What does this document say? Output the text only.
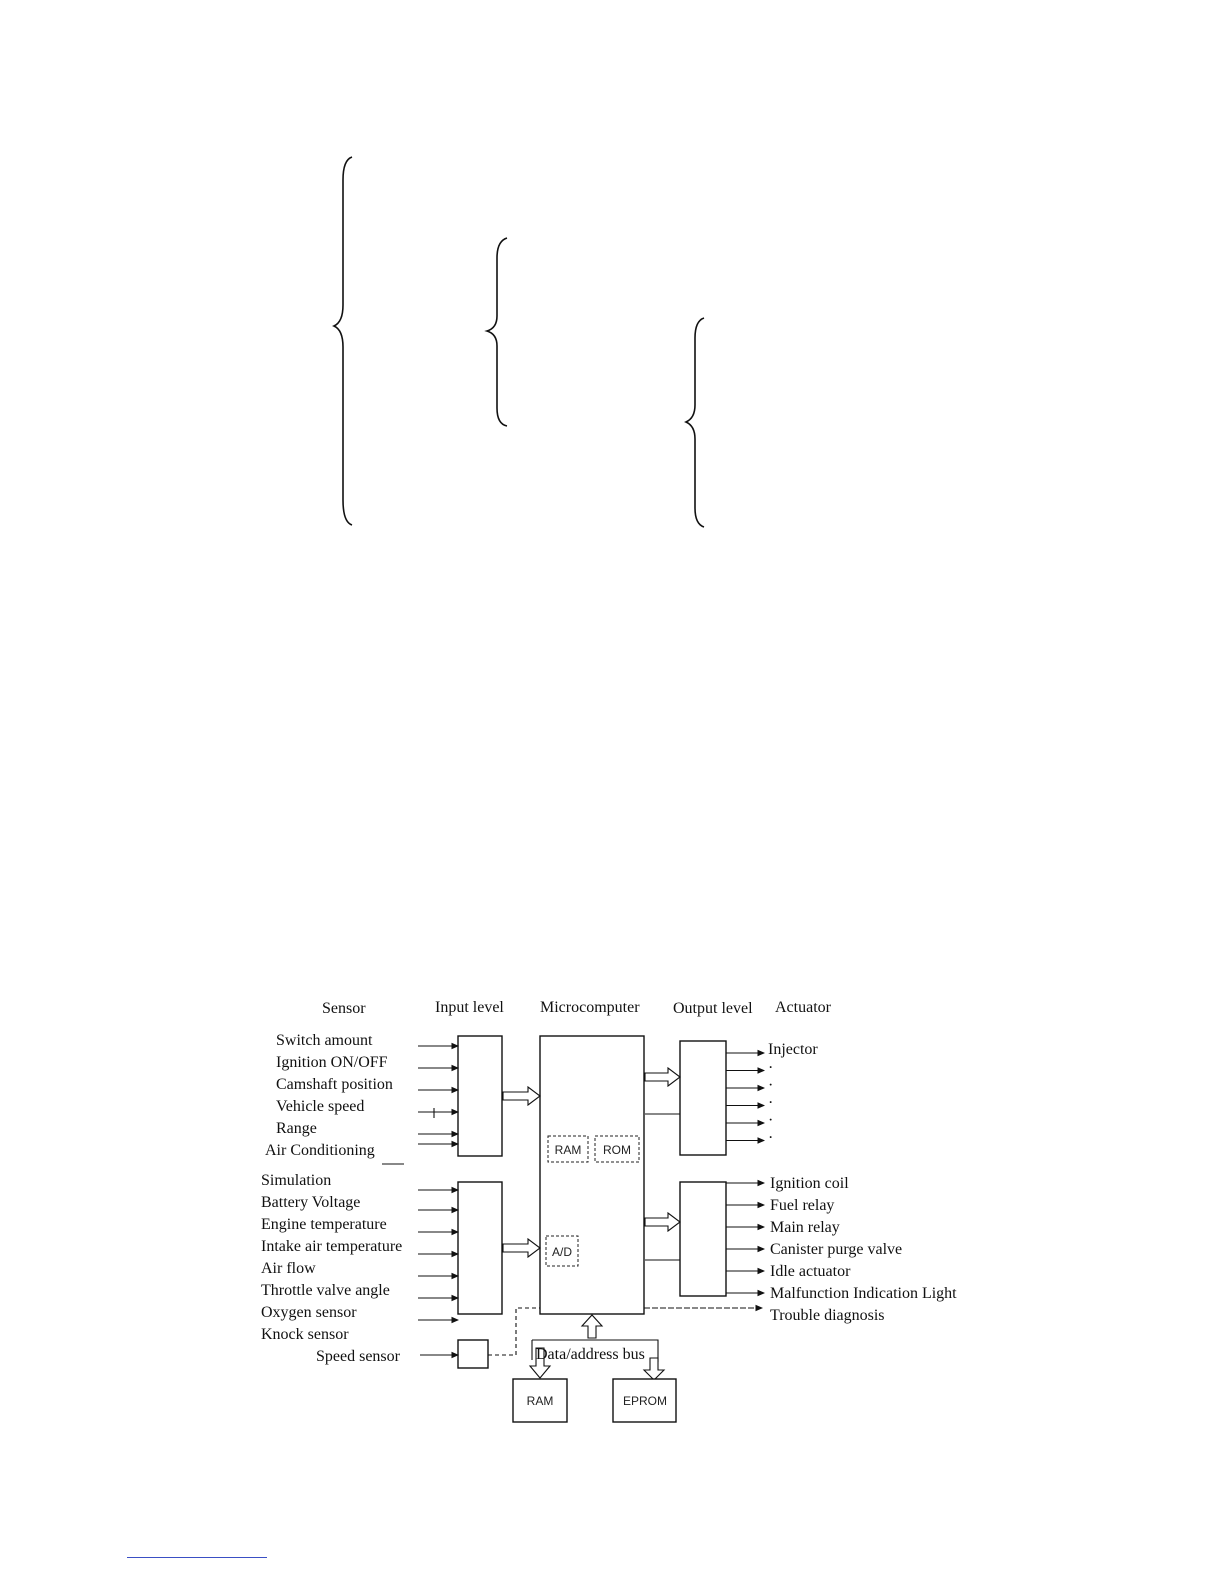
Sensor	Input level Microcomputer Output level Actuator
RAM ROM
A/D
Data/address bus
RAM	EPROM
Speed sensor
Switch amount
Ignition ON/OFF
Camshaft position
Vehicle speed
Range
Air Conditioning
Simulation
Battery Voltage
Engine temperature
Intake air temperature
Air flow
Throttle valve angle
Oxygen sensor
Knock sensor
Injector
·
·
·
·
·
Ignition coil
Fuel relay
Main relay
Canister purge valve
Idle actuator
Malfunction Indication Light
Trouble diagnosis
